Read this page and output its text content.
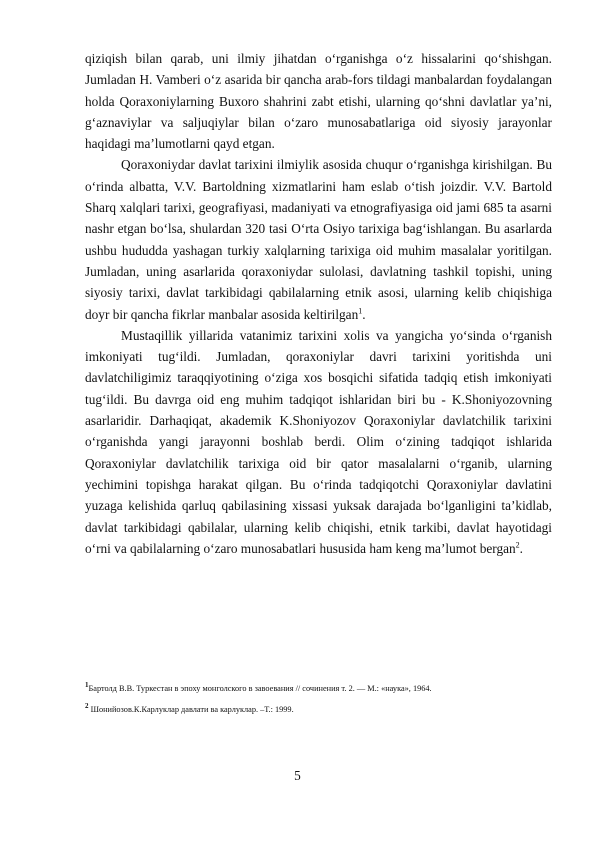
qiziqish bilan qarab, uni ilmiy jihatdan o‘rganishga o‘z hissalarini qo‘shishgan. Jumladan H. Vamberi o‘z asarida bir qancha arab-fors tildagi manbalardan foydalangan holda Qoraxoniylarning Buxoro shahrini zabt etishi, ularning qo‘shni davlatlar ya’ni, g‘aznaviylar va saljuqiylar bilan o‘zaro munosabatlariga oid siyosiy jarayonlar haqidagi ma’lumotlarni qayd etgan.

Qoraxoniydar davlat tarixini ilmiylik asosida chuqur o‘rganishga kirishilgan. Bu o‘rinda albatta, V.V. Bartoldning xizmatlarini ham eslab o‘tish joizdir. V.V. Bartold Sharq xalqlari tarixi, geografiyasi, madaniyati va etnografiyasiga oid jami 685 ta asarni nashr etgan bo‘lsa, shulardan 320 tasi O‘rta Osiyo tarixiga bag‘ishlangan. Bu asarlarda ushbu hududda yashagan turkiy xalqlarning tarixiga oid muhim masalalar yoritilgan. Jumladan, uning asarlarida qoraxoniydar sulolasi, davlatning tashkil topishi, uning siyosiy tarixi, davlat tarkibidagi qabilalarning etnik asosi, ularning kelib chiqishiga doyr bir qancha fikrlar manbalar asosida keltirilgan$^1$.

Mustaqillik yillarida vatanimiz tarixini xolis va yangicha yo‘sinda o‘rganish imkoniyati tug‘ildi. Jumladan, qoraxoniylar davri tarixini yoritishda uni davlatchiligimiz taraqqiyotining o‘ziga xos bosqichi sifatida tadqiq etish imkoniyati tug‘ildi. Bu davrga oid eng muhim tadqiqot ishlaridan biri bu - K.Shoniyozovning asarlaridir. Darhaqiqat, akademik K.Shoniyozov Qoraxoniylar davlatchilik tarixini o‘rganishda yangi jarayonni boshlab berdi. Olim o‘zining tadqiqot ishlarida Qoraxoniylar davlatchilik tarixiga oid bir qator masalalarni o‘rganib, ularning yechimini topishga harakat qilgan. Bu o‘rinda tadqiqotchi Qoraxoniylar davlatini yuzaga kelishida qarluq qabilasining xissasi yuksak darajada bo‘lganligini ta’kidlab, davlat tarkibidagi qabilalar, ularning kelib chiqishi, etnik tarkibi, davlat hayotidagi o‘rni va qabilalarning o‘zaro munosabatlari hususida ham keng ma’lumot bergan$^2$.

$^1$Бартолд В.В. Туркестан в эпоху монголского в завоевания // сочинения т. 2. — М.: «наука», 1964.

$^2$ Шонийозов.К.Карлуклар давлати ва карлуклар. –Т.: 1999.

5
